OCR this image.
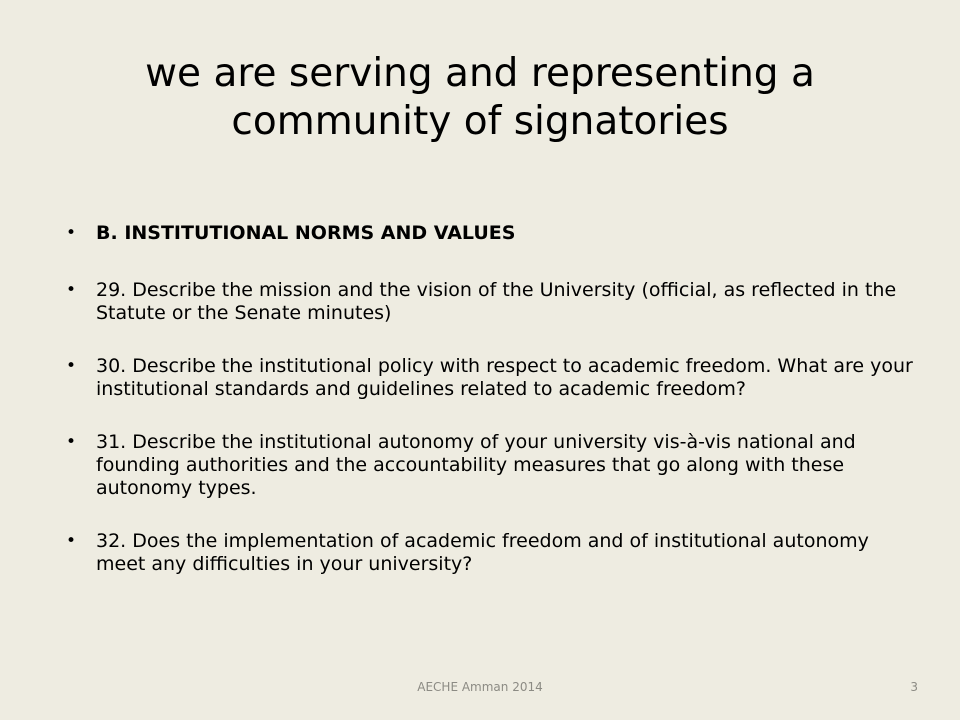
we are serving and representing a community of signatories
• B. INSTITUTIONAL NORMS AND VALUES
• 29. Describe the mission and the vision of the University (official, as reflected in the Statute or the Senate minutes)
• 30. Describe the institutional policy with respect to academic freedom. What are your institutional standards and guidelines related to academic freedom?
• 31. Describe the institutional autonomy of your university vis-à-vis national and founding authorities and the accountability measures that go along with these autonomy types.
• 32. Does the implementation of academic freedom and of institutional autonomy meet any difficulties in your university?
AECHE Amman 2014	3
